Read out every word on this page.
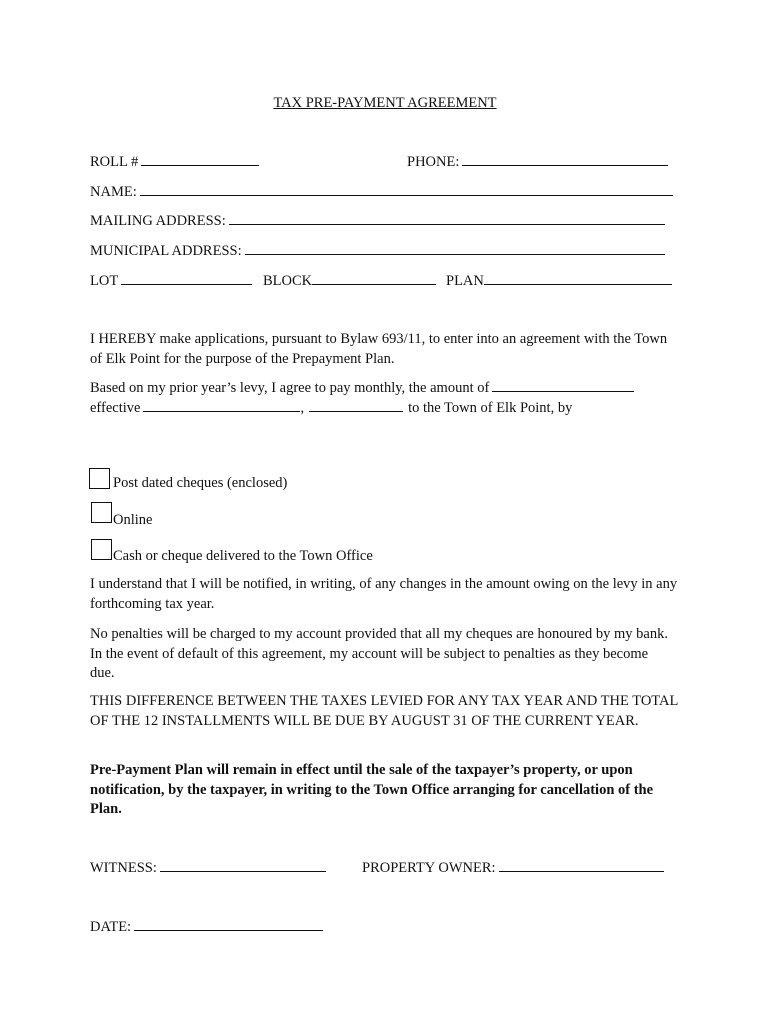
TAX PRE-PAYMENT AGREEMENT
ROLL #	PHONE:
NAME:
MAILING ADDRESS:
MUNICIPAL ADDRESS:
LOT	BLOCK	PLAN
I HEREBY make applications, pursuant to Bylaw 693/11, to enter into an agreement with the Town of Elk Point for the purpose of the Prepayment Plan.
Based on my prior year’s levy, I agree to pay monthly, the amount of
effective	,	to the Town of Elk Point, by
Post dated cheques (enclosed)
Online
Cash or cheque delivered to the Town Office
I understand that I will be notified, in writing, of any changes in the amount owing on the levy in any forthcoming tax year.
No penalties will be charged to my account provided that all my cheques are honoured by my bank. In the event of default of this agreement, my account will be subject to penalties as they become due.
THIS DIFFERENCE BETWEEN THE TAXES LEVIED FOR ANY TAX YEAR AND THE TOTAL OF THE 12 INSTALLMENTS WILL BE DUE BY AUGUST 31 OF THE CURRENT YEAR.
Pre-Payment Plan will remain in effect until the sale of the taxpayer’s property, or upon notification, by the taxpayer, in writing to the Town Office arranging for cancellation of the Plan.
WITNESS:	PROPERTY OWNER:
DATE:
